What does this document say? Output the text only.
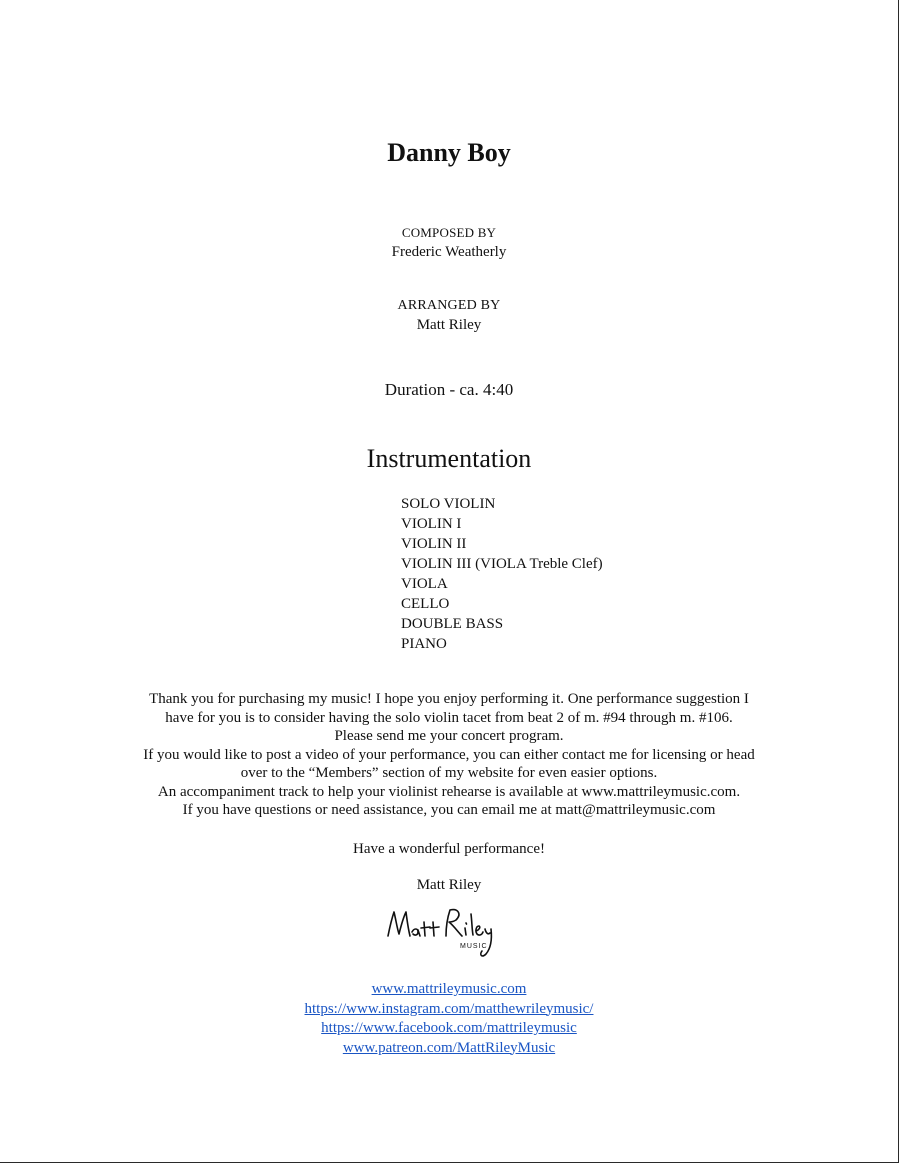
Danny Boy
COMPOSED BY
Frederic Weatherly
ARRANGED BY
Matt Riley
Duration - ca. 4:40
Instrumentation
SOLO VIOLIN
VIOLIN I
VIOLIN II
VIOLIN III (VIOLA Treble Clef)
VIOLA
CELLO
DOUBLE BASS
PIANO
Thank you for purchasing my music! I hope you enjoy performing it. One performance suggestion I
have for you is to consider having the solo violin tacet from beat 2 of m. #94 through m. #106.
Please send me your concert program.
If you would like to post a video of your performance, you can either contact me for licensing or head
over to the “Members” section of my website for even easier options.
An accompaniment track to help your violinist rehearse is available at www.mattrileymusic.com.
If you have questions or need assistance, you can email me at matt@mattrileymusic.com
Have a wonderful performance!
Matt Riley
MUSIC
www.mattrileymusic.com
https://www.instagram.com/matthewrileymusic/
https://www.facebook.com/mattrileymusic
www.patreon.com/MattRileyMusic
